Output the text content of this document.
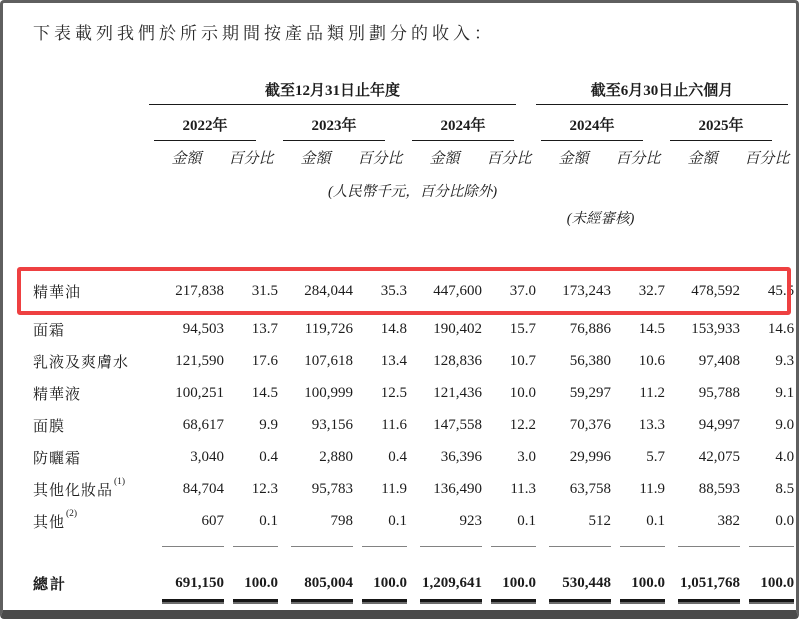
下表載列我們於所示期間按產品類別劃分的收入：

	截至12月31日止年度						截至6月30日止六個月			

	2022年		2023年		2024年		2024年		2025年	

	金額	百分比	金額	百分比	金額	百分比	金額	百分比	金額	百分比
(人民幣千元，百分比除外)										
							(未經審核)			

精華油	217,838	31.5	284,044	35.3	447,600	37.0	173,243	32.7	478,592	45.5
面霜	94,503	13.7	119,726	14.8	190,402	15.7	76,886	14.5	153,933	14.6
乳液及爽膚水	121,590	17.6	107,618	13.4	128,836	10.7	56,380	10.6	97,408	9.3
精華液	100,251	14.5	100,999	12.5	121,436	10.0	59,297	11.2	95,788	9.1
面膜	68,617	9.9	93,156	11.6	147,558	12.2	70,376	13.3	94,997	9.0
防曬霜	3,040	0.4	2,880	0.4	36,396	3.0	29,996	5.7	42,075	4.0
其他化妝品$^{(1)}$	84,704	12.3	95,783	11.9	136,490	11.3	63,758	11.9	88,593	8.5
其他$^{(2)}$	607	0.1	798	0.1	923	0.1	512	0.1	382	0.0

總計	691,150	100.0	805,004	100.0	1,209,641	100.0	530,448	100.0	1,051,768	100.0
